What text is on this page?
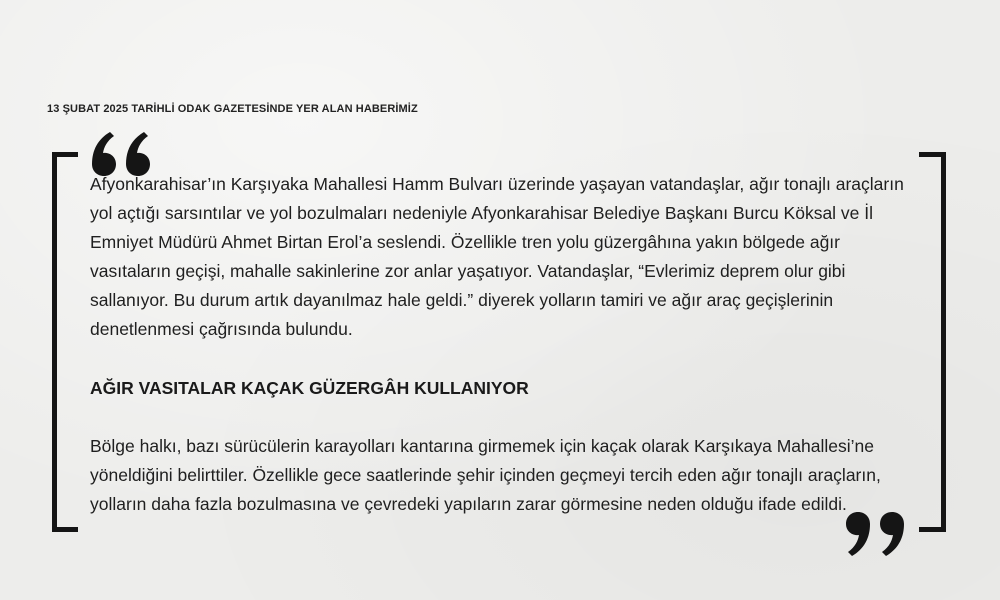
13 ŞUBAT 2025 TARİHLİ ODAK GAZETESİNDE YER ALAN HABERİMİZ

Afyonkarahisar’ın Karşıyaka Mahallesi Hamm Bulvarı üzerinde yaşayan vatandaşlar, ağır tonajlı araçların yol açtığı sarsıntılar ve yol bozulmaları nedeniyle Afyonkarahisar Belediye Başkanı Burcu Köksal ve İl Emniyet Müdürü Ahmet Birtan Erol’a seslendi. Özellikle tren yolu güzergâhına yakın bölgede ağır vasıtaların geçişi, mahalle sakinlerine zor anlar yaşatıyor. Vatandaşlar, “Evlerimiz deprem olur gibi sallanıyor. Bu durum artık dayanılmaz hale geldi.” diyerek yolların tamiri ve ağır araç geçişlerinin denetlenmesi çağrısında bulundu.

AĞIR VASITALAR KAÇAK GÜZERGÂH KULLANIYOR

Bölge halkı, bazı sürücülerin karayolları kantarına girmemek için kaçak olarak Karşıkaya Mahallesi’ne yöneldiğini belirttiler. Özellikle gece saatlerinde şehir içinden geçmeyi tercih eden ağır tonajlı araçların, yolların daha fazla bozulmasına ve çevredeki yapıların zarar görmesine neden olduğu ifade edildi.
